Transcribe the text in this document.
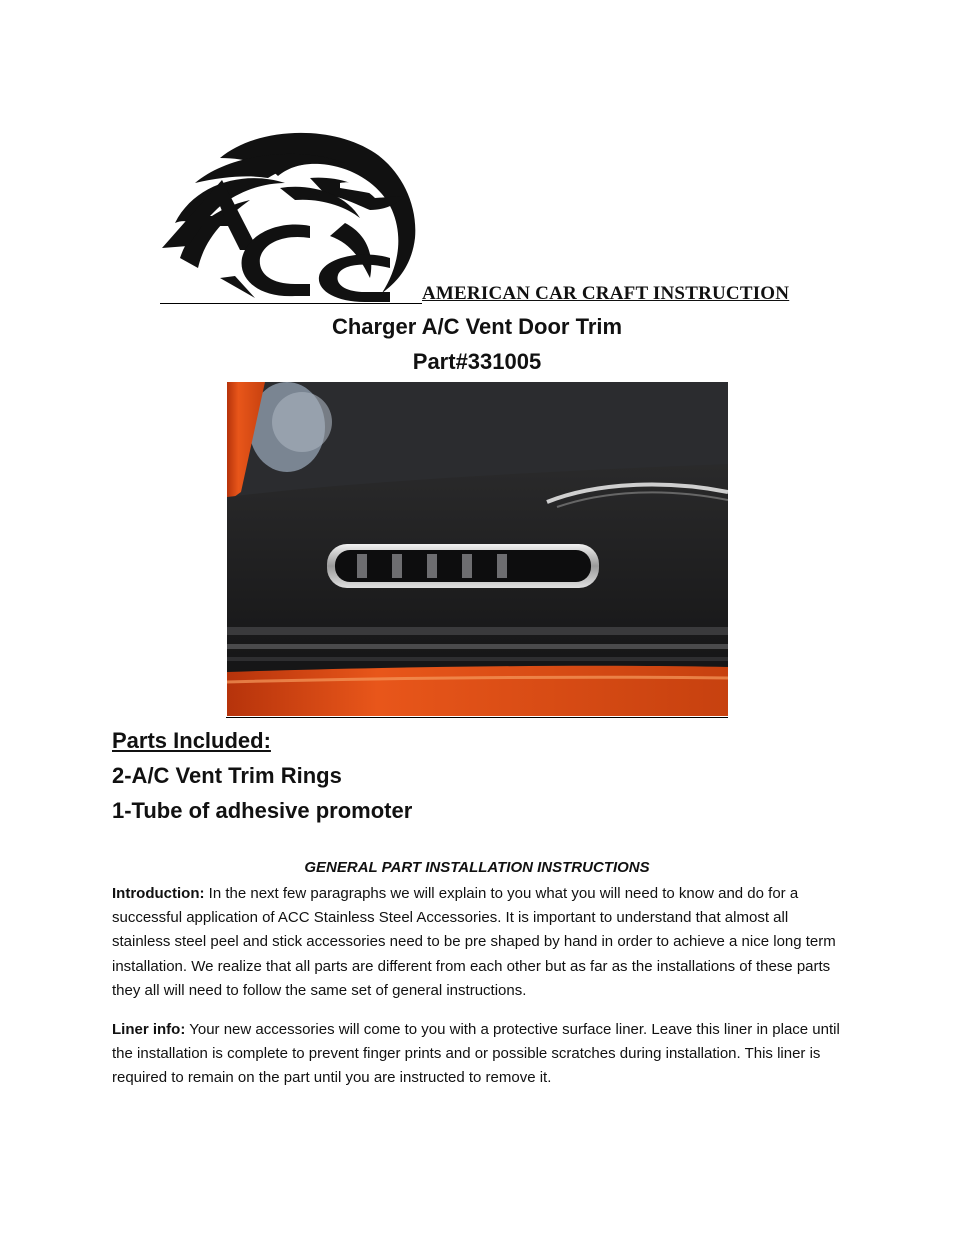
AMERICAN CAR CRAFT INSTRUCTION
Charger A/C Vent Door Trim
Part#331005
Parts Included:
2-A/C Vent Trim Rings
1-Tube of adhesive promoter
GENERAL PART INSTALLATION INSTRUCTIONS
Introduction: In the next few paragraphs we will explain to you what you will need to know and do for a successful application of ACC Stainless Steel Accessories. It is important to understand that almost all stainless steel peel and stick accessories need to be pre shaped by hand in order to achieve a nice long term installation. We realize that all parts are different from each other but as far as the installations of these parts they all will need to follow the same set of general instructions.
Liner info: Your new accessories will come to you with a protective surface liner. Leave this liner in place until the installation is complete to prevent finger prints and or possible scratches during installation. This liner is required to remain on the part until you are instructed to remove it.
